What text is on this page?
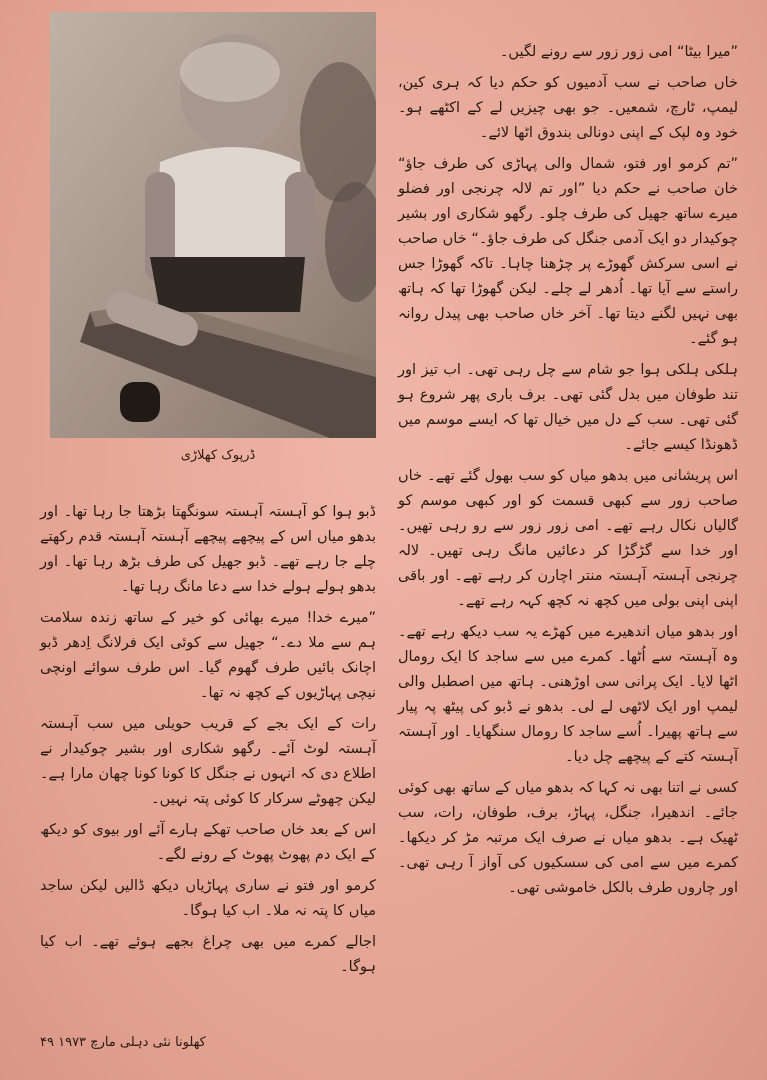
ڈرپوک کھلاڑی

”میرا بیٹا“ امی زور زور سے رونے لگیں۔

خاں صاحب نے سب آدمیوں کو حکم دیا کہ ہری کین، لیمپ، ٹارچ، شمعیں۔ جو بھی چیزیں لے کے اکٹھے ہو۔ خود وہ لپک کے اپنی دونالی بندوق اٹھا لائے۔

”تم کرمو اور فتو، شمال والی پہاڑی کی طرف جاؤ“ خان صاحب نے حکم دیا ”اور تم لالہ چرنجی اور فضلو میرے ساتھ جھیل کی طرف چلو۔ رگھو شکاری اور بشیر چوکیدار دو ایک آدمی جنگل کی طرف جاؤ۔“ خاں صاحب نے اسی سرکش گھوڑے پر چڑھنا چاہا۔ تاکہ گھوڑا جس راستے سے آیا تھا۔ اُدھر لے چلے۔ لیکن گھوڑا تھا کہ ہاتھ بھی نہیں لگنے دیتا تھا۔ آخر خاں صاحب بھی پیدل روانہ ہو گئے۔

ہلکی ہلکی ہوا جو شام سے چل رہی تھی۔ اب تیز اور تند طوفان میں بدل گئی تھی۔ برف باری پھر شروع ہو گئی تھی۔ سب کے دل میں خیال تھا کہ ایسے موسم میں ڈھونڈا کیسے جائے۔

اس پریشانی میں بدھو میاں کو سب بھول گئے تھے۔ خاں صاحب زور سے کبھی قسمت کو اور کبھی موسم کو گالیاں نکال رہے تھے۔ امی زور زور سے رو رہی تھیں۔ اور خدا سے گڑگڑا کر دعائیں مانگ رہی تھیں۔ لالہ چرنجی آہستہ آہستہ منتر اچارن کر رہے تھے۔ اور باقی اپنی اپنی بولی میں کچھ نہ کچھ کہہ رہے تھے۔

اور بدھو میاں اندھیرے میں کھڑے یہ سب دیکھ رہے تھے۔ وہ آہستہ سے اُٹھا۔ کمرے میں سے ساجد کا ایک رومال اٹھا لایا۔ ایک پرانی سی اوڑھنی۔ ہاتھ میں اصطبل والی لیمپ اور ایک لاٹھی لے لی۔ بدھو نے ڈبو کی پیٹھ پہ پیار سے ہاتھ پھیرا۔ اُسے ساجد کا رومال سنگھایا۔ اور آہستہ آہستہ کتے کے پیچھے چل دیا۔

کسی نے اتنا بھی نہ کہا کہ بدھو میاں کے ساتھ بھی کوئی جائے۔ اندھیرا، جنگل، پہاڑ، برف، طوفان، رات، سب ٹھیک ہے۔ بدھو میاں نے صرف ایک مرتبہ مڑ کر دیکھا۔ کمرے میں سے امی کی سسکیوں کی آواز آ رہی تھی۔ اور چاروں طرف بالکل خاموشی تھی۔

ڈبو ہوا کو آہستہ آہستہ سونگھتا بڑھتا جا رہا تھا۔ اور بدھو میاں اس کے پیچھے پیچھے آہستہ آہستہ قدم رکھتے چلے جا رہے تھے۔ ڈبو جھیل کی طرف بڑھ رہا تھا۔ اور بدھو ہولے ہولے خدا سے دعا مانگ رہا تھا۔

”میرے خدا! میرے بھائی کو خیر کے ساتھ زندہ سلامت ہم سے ملا دے۔“ جھیل سے کوئی ایک فرلانگ اِدھر ڈبو اچانک بائیں طرف گھوم گیا۔ اس طرف سوائے اونچی نیچی پہاڑیوں کے کچھ نہ تھا۔

رات کے ایک بجے کے قریب حویلی میں سب آہستہ آہستہ لوٹ آئے۔ رگھو شکاری اور بشیر چوکیدار نے اطلاع دی کہ انہوں نے جنگل کا کونا کونا چھان مارا ہے۔ لیکن چھوٹے سرکار کا کوئی پتہ نہیں۔

اس کے بعد خاں صاحب تھکے ہارے آئے اور بیوی کو دیکھ کے ایک دم پھوٹ پھوٹ کے رونے لگے۔

کرمو اور فتو نے ساری پہاڑیاں دیکھ ڈالیں لیکن ساجد میاں کا پتہ نہ ملا۔ اب کیا ہوگا۔

اجالے کمرے میں بھی چراغ بجھے ہوئے تھے۔ اب کیا ہوگا۔

کھلونا نئی دہلی مارچ ۱۹۷۳ ۴۹
